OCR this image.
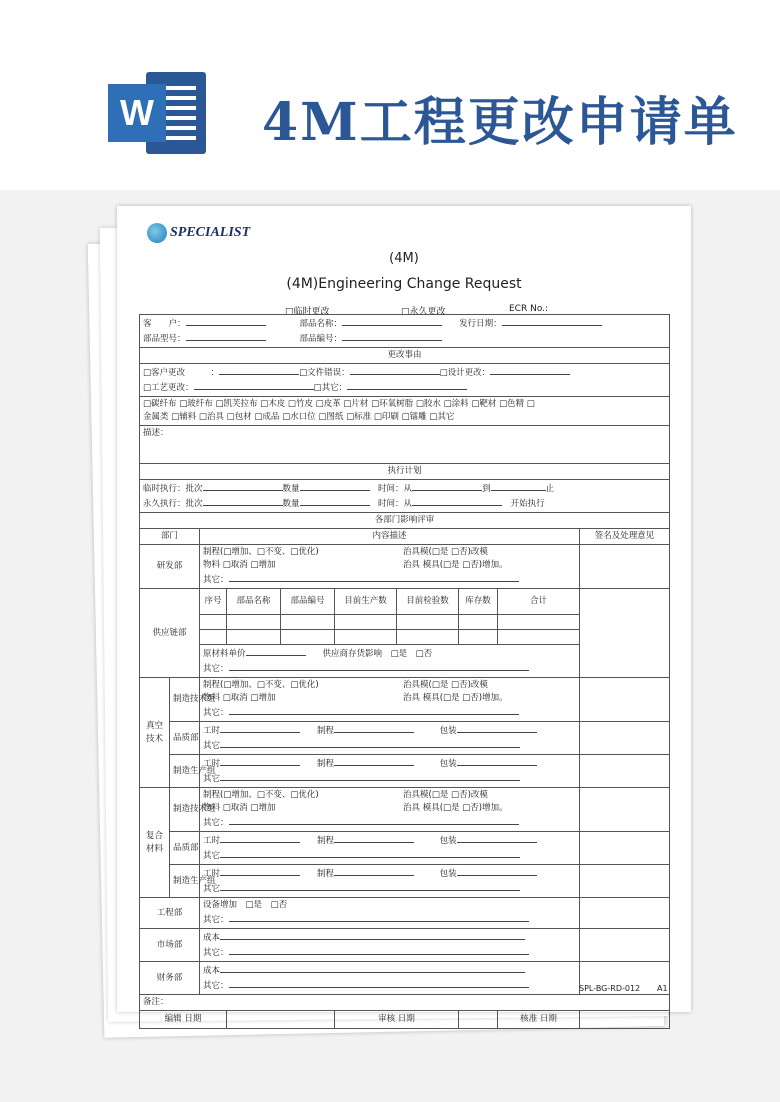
W 4M工程更改申请单
SPECIALIST
(4M)
(4M)Engineering Change Request
□临时更改	□永久更改	ECR No.:
客　　户：　　　　 部品名称：　　 发行日期：
部品型号：　　　　 部品编号：									

更改事由									

□客户更改　　　 ： □文件错误： □设计更改：
□工艺更改： □其它：									

□碳纤布 □玻纤布 □凯芙拉布 □木皮 □竹皮 □皮革 □片材 □环氧树脂 □胶水 □涂料 □靶材 □色精 □
金属类 □辅料 □治具 □包材 □成品 □水口位 □图纸 □标准 □印刷 □镭雕 □其它									

描述：									
执行计划									

临时执行：批次 数量　 时间：从 到 止
永久执行：批次 数量　 时间：从　 开始执行									

各部门影响评审									
部门		内容描述							签名及处理意见
研发部		制程(□增加、□不变、□优化) 治具模(□是 □否)改模
物料 □取消 □增加 治具 模具(□是 □否)增加。
其它：							

供应链部		序号	部品名称	部品编号	目前生产数	目前检验数	库存数	合计	

		原材料单价　　 供应商存货影响　 □是　 □否
其它：							

真空技术	制造技术组	制程(□增加、□不变、□优化) 治具模(□是 □否)改模
物料 □取消 □增加 治具 模具(□是 □否)增加。
其它：							

	品质部	工时　　 制程　　　 包装
其它							

	制造生产组	工时　　 制程　　　 包装
其它							

复合材料	制造技术组	制程(□增加、□不变、□优化) 治具模(□是 □否)改模
物料 □取消 □增加 治具 模具(□是 □否)增加。
其它：							

	品质部	工时　　 制程　　　 包装
其它							

	制造生产组	工时　　 制程　　　 包装
其它							

工程部		设备增加　 □是　 □否
其它：							

市场部		成本
其它：							

财务部		成本
其它：							

备注：									
编辑 日期					审核 日期			核准 日期	
SPL-BG-RD-012 A1
